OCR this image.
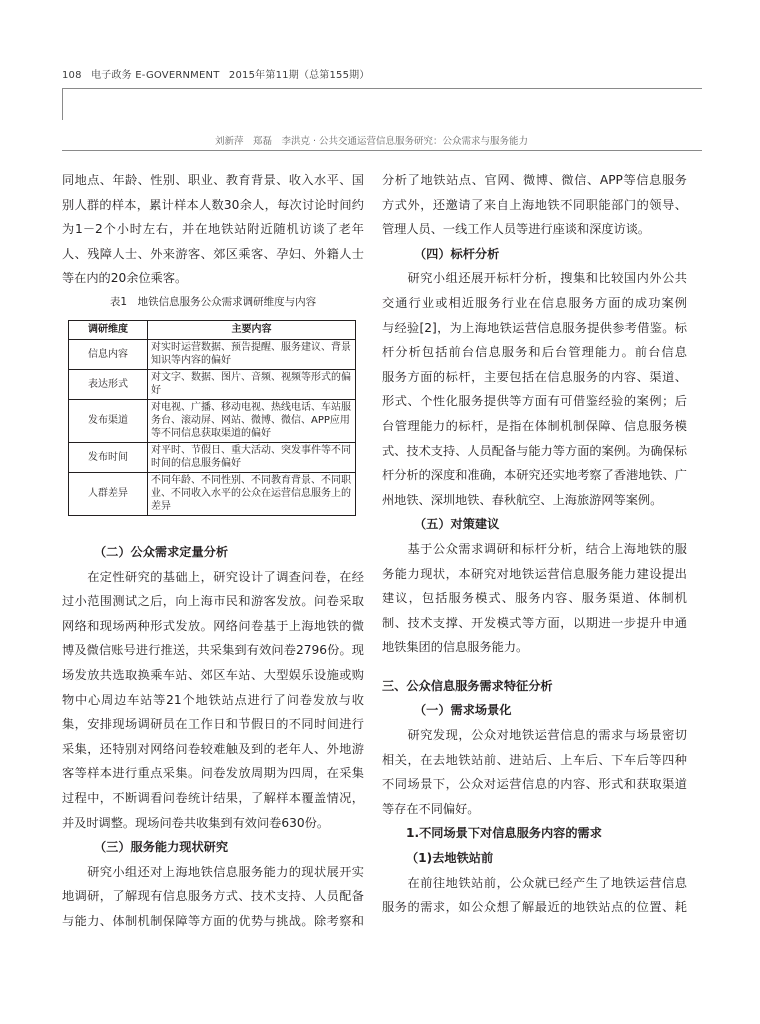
108 电子政务 E-GOVERNMENT 2015年第11期（总第155期）
刘新萍　郑磊　李洪克 · 公共交通运营信息服务研究：公众需求与服务能力
同地点、年龄、性别、职业、教育背景、收入水平、国
别人群的样本，累计样本人数30余人，每次讨论时间约
为1－2个小时左右，并在地铁站附近随机访谈了老年
人、残障人士、外来游客、郊区乘客、孕妇、外籍人士
等在内的20余位乘客。
表1　地铁信息服务公众需求调研维度与内容
调研维度	主要内容
信息内容	对实时运营数据、预告提醒、服务建议、背景知识等内容的偏好
表达形式	对文字、数据、图片、音频、视频等形式的偏好
发布渠道	对电视、广播、移动电视、热线电话、车站服务台、滚动屏、网站、微博、微信、APP应用等不同信息获取渠道的偏好
发布时间	对平时、节假日、重大活动、突发事件等不同时间的信息服务偏好
人群差异	不同年龄、不同性别、不同教育背景、不同职业、不同收入水平的公众在运营信息服务上的差异
（二）公众需求定量分析
　　在定性研究的基础上，研究设计了调查问卷，在经
过小范围测试之后，向上海市民和游客发放。问卷采取
网络和现场两种形式发放。网络问卷基于上海地铁的微
博及微信账号进行推送，共采集到有效问卷2796份。现
场发放共选取换乘车站、郊区车站、大型娱乐设施或购
物中心周边车站等21个地铁站点进行了问卷发放与收
集，安排现场调研员在工作日和节假日的不同时间进行
采集，还特别对网络问卷较难触及到的老年人、外地游
客等样本进行重点采集。问卷发放周期为四周，在采集
过程中，不断调看问卷统计结果，了解样本覆盖情况，
并及时调整。现场问卷共收集到有效问卷630份。
（三）服务能力现状研究
　　研究小组还对上海地铁信息服务能力的现状展开实
地调研，了解现有信息服务方式、技术支持、人员配备
与能力、体制机制保障等方面的优势与挑战。除考察和
分析了地铁站点、官网、微博、微信、APP等信息服务
方式外，还邀请了来自上海地铁不同职能部门的领导、
管理人员、一线工作人员等进行座谈和深度访谈。
（四）标杆分析
　　研究小组还展开标杆分析，搜集和比较国内外公共
交通行业或相近服务行业在信息服务方面的成功案例
与经验[2]，为上海地铁运营信息服务提供参考借鉴。标
杆分析包括前台信息服务和后台管理能力。前台信息
服务方面的标杆，主要包括在信息服务的内容、渠道、
形式、个性化服务提供等方面有可借鉴经验的案例；后
台管理能力的标杆，是指在体制机制保障、信息服务模
式、技术支持、人员配备与能力等方面的案例。为确保标
杆分析的深度和准确，本研究还实地考察了香港地铁、广
州地铁、深圳地铁、春秋航空、上海旅游网等案例。
（五）对策建议
　　基于公众需求调研和标杆分析，结合上海地铁的服
务能力现状，本研究对地铁运营信息服务能力建设提出
建议，包括服务模式、服务内容、服务渠道、体制机
制、技术支撑、开发模式等方面，以期进一步提升申通
地铁集团的信息服务能力。
三、公众信息服务需求特征分析
（一）需求场景化
　　研究发现，公众对地铁运营信息的需求与场景密切
相关，在去地铁站前、进站后、上车后、下车后等四种
不同场景下，公众对运营信息的内容、形式和获取渠道
等存在不同偏好。
1.不同场景下对信息服务内容的需求
（1)去地铁站前
　　在前往地铁站前，公众就已经产生了地铁运营信息
服务的需求，如公众想了解最近的地铁站点的位置、耗
